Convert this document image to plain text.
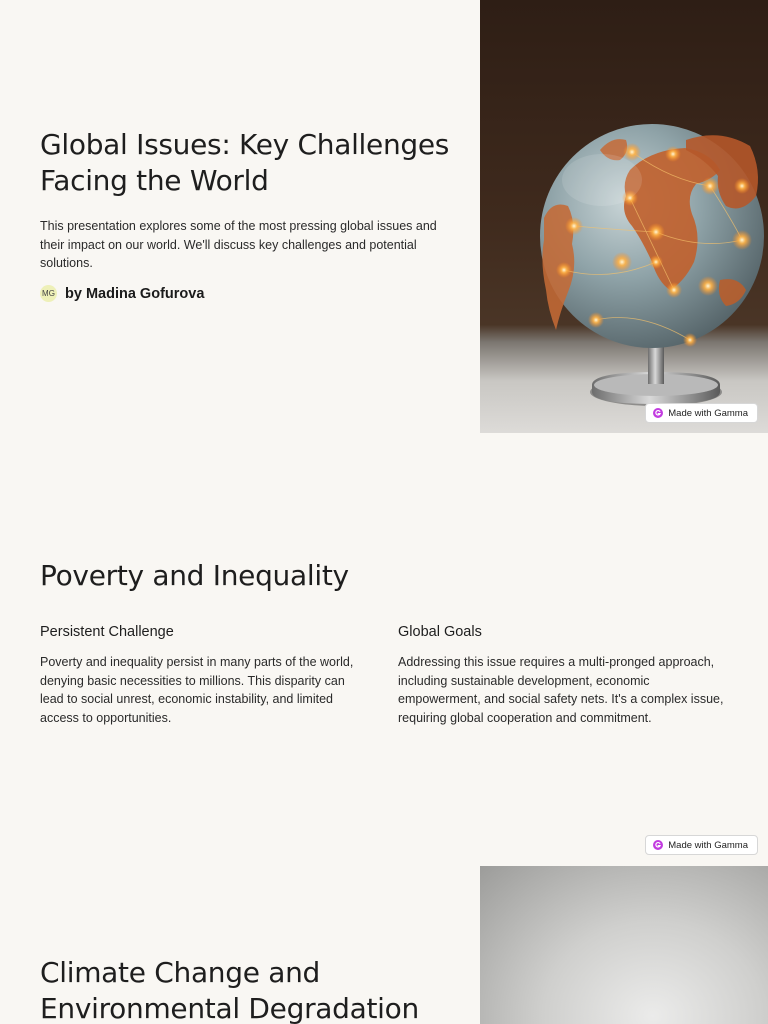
Global Issues: Key Challenges Facing the World

This presentation explores some of the most pressing global issues and their impact on our world. We'll discuss key challenges and potential solutions.

MG by Madina Gofurova
Made with Gamma
Poverty and Inequality
Persistent Challenge

Poverty and inequality persist in many parts of the world, denying basic necessities to millions. This disparity can lead to social unrest, economic instability, and limited access to opportunities.

Global Goals

Addressing this issue requires a multi-pronged approach, including sustainable development, economic empowerment, and social safety nets. It's a complex issue, requiring global cooperation and commitment.

Made with Gamma
Climate Change and
Environmental Degradation
